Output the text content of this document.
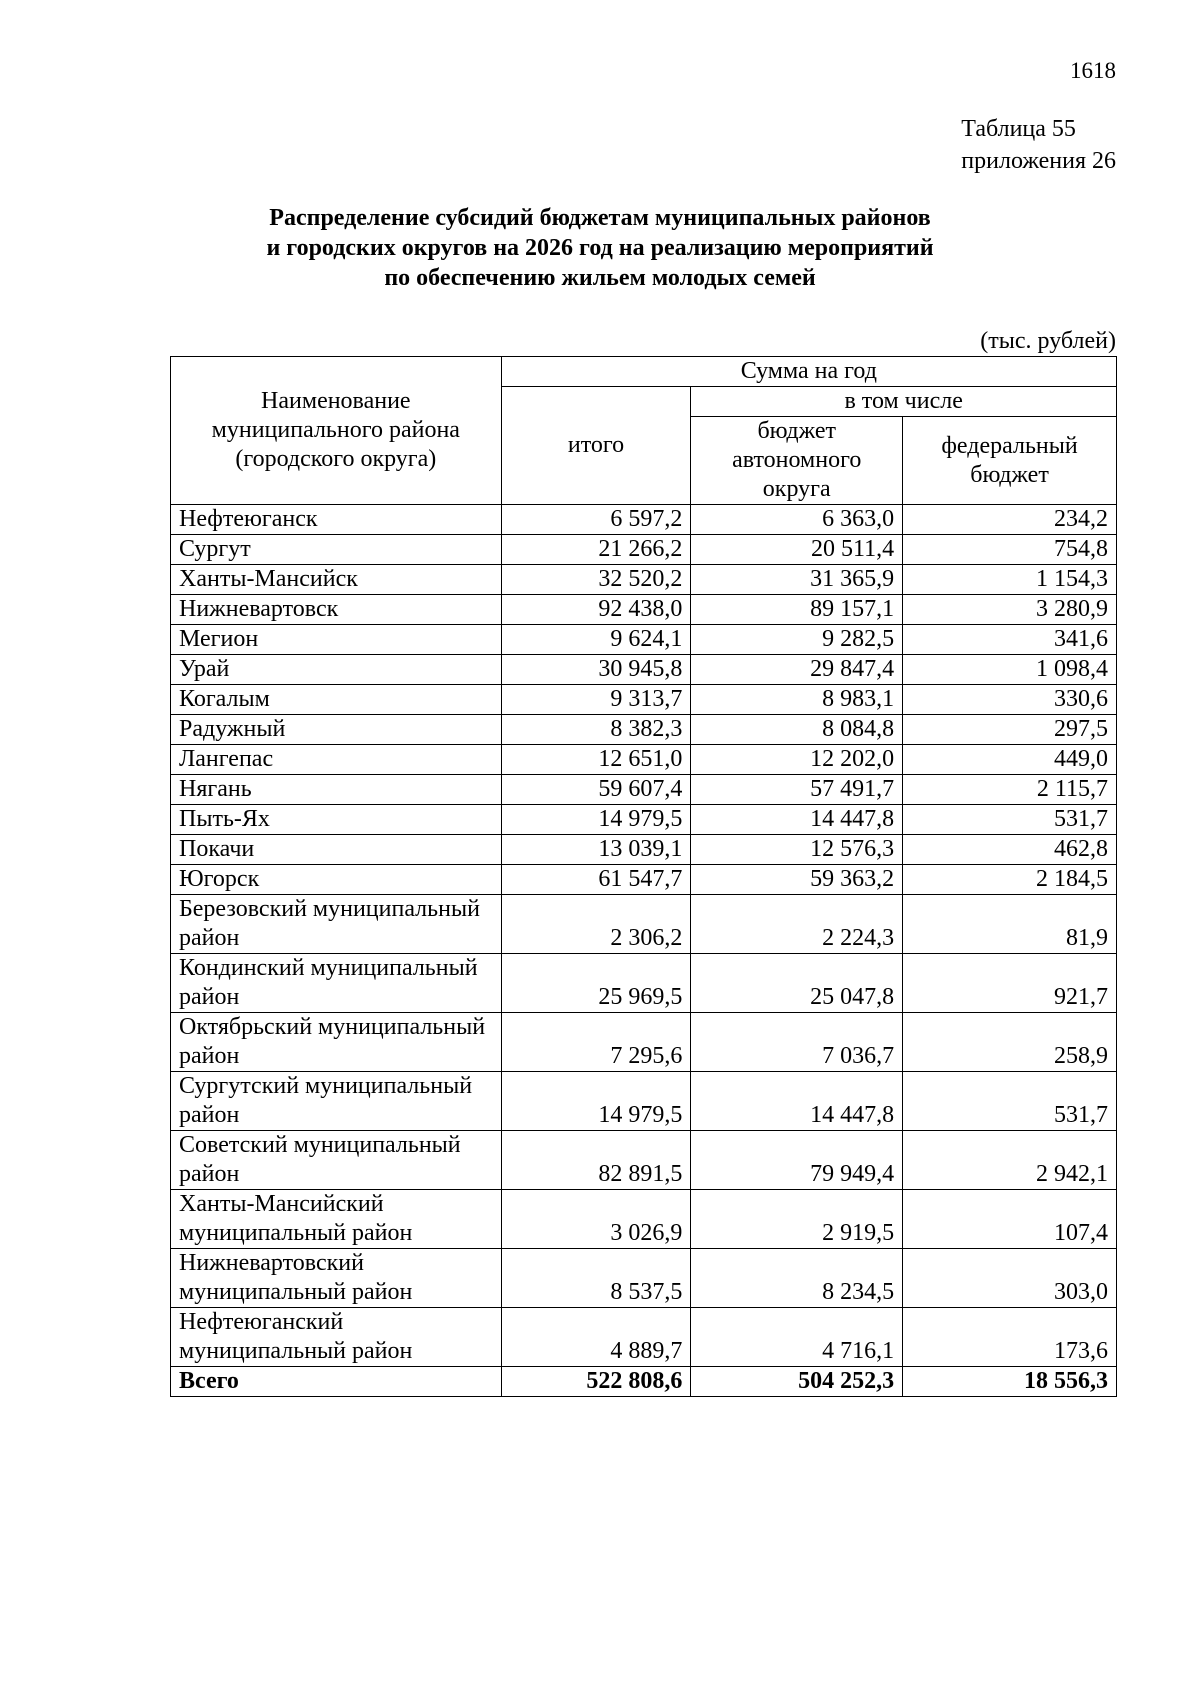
1618
Таблица 55
приложения 26
Распределение субсидий бюджетам муниципальных районов
и городских округов на 2026 год на реализацию мероприятий
по обеспечению жильем молодых семей
(тыс. рублей)
Наименование муниципального района (городского округа)	Сумма на год		
	итого	в том числе	
		бюджет автономного округа	федеральный бюджет
Нефтеюганск	6 597,2	6 363,0	234,2
Сургут	21 266,2	20 511,4	754,8
Ханты-Мансийск	32 520,2	31 365,9	1 154,3
Нижневартовск	92 438,0	89 157,1	3 280,9
Мегион	9 624,1	9 282,5	341,6
Урай	30 945,8	29 847,4	1 098,4
Когалым	9 313,7	8 983,1	330,6
Радужный	8 382,3	8 084,8	297,5
Лангепас	12 651,0	12 202,0	449,0
Нягань	59 607,4	57 491,7	2 115,7
Пыть-Ях	14 979,5	14 447,8	531,7
Покачи	13 039,1	12 576,3	462,8
Югорск	61 547,7	59 363,2	2 184,5
Березовский муниципальный район	2 306,2	2 224,3	81,9
Кондинский муниципальный район	25 969,5	25 047,8	921,7
Октябрьский муниципальный район	7 295,6	7 036,7	258,9
Сургутский муниципальный район	14 979,5	14 447,8	531,7
Советский муниципальный район	82 891,5	79 949,4	2 942,1
Ханты-Мансийский муниципальный район	3 026,9	2 919,5	107,4
Нижневартовский муниципальный район	8 537,5	8 234,5	303,0
Нефтеюганский муниципальный район	4 889,7	4 716,1	173,6
Всего	522 808,6	504 252,3	18 556,3
